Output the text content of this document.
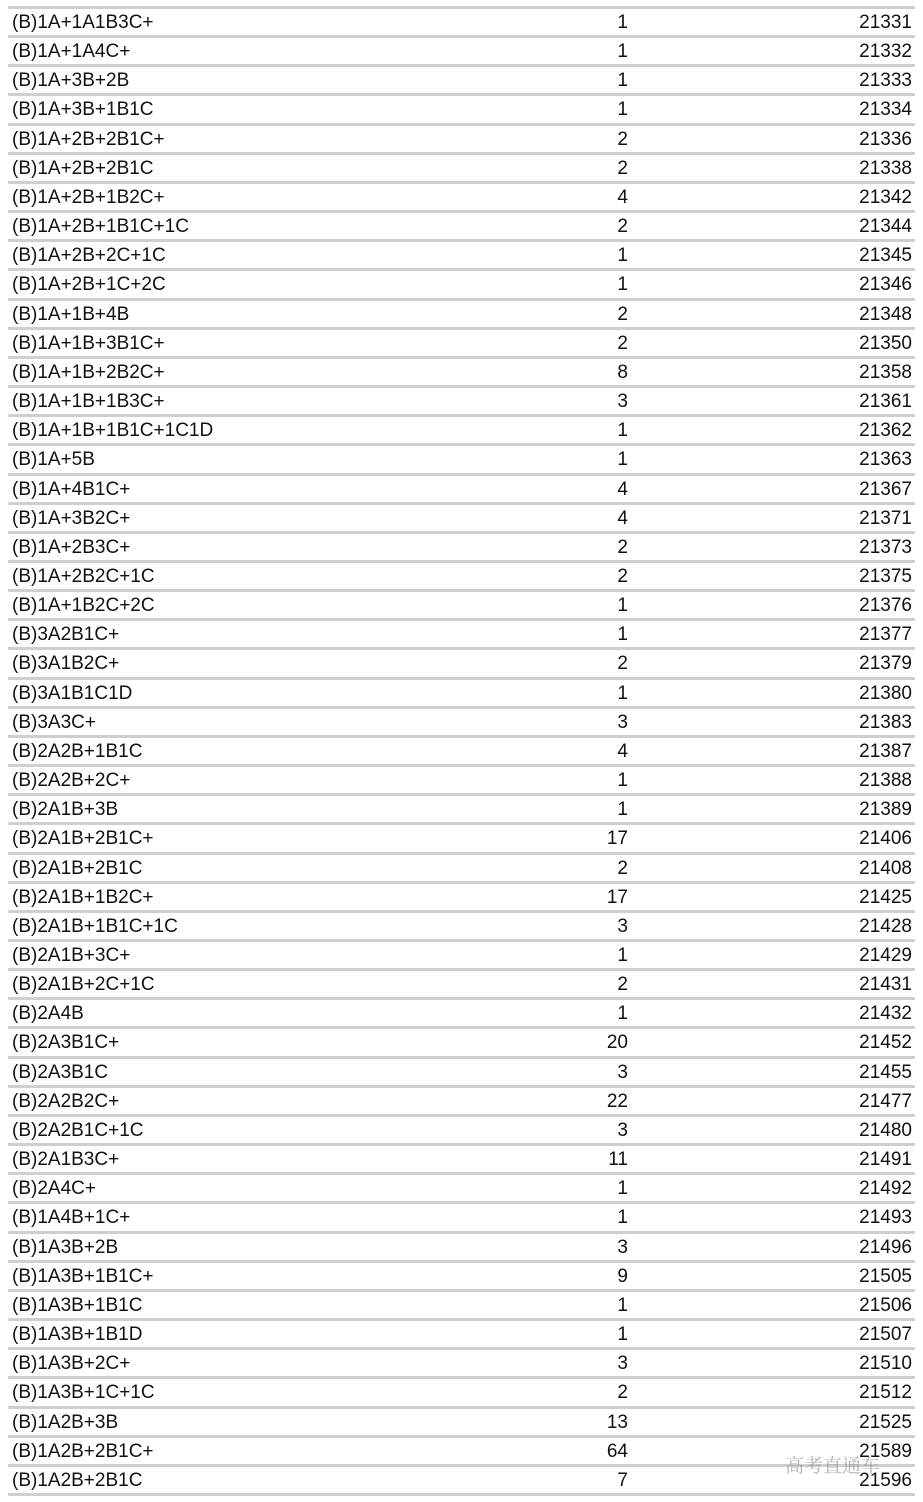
(B)1A+1A1B3C+	1	21331
(B)1A+1A4C+	1	21332
(B)1A+3B+2B	1	21333
(B)1A+3B+1B1C	1	21334
(B)1A+2B+2B1C+	2	21336
(B)1A+2B+2B1C	2	21338
(B)1A+2B+1B2C+	4	21342
(B)1A+2B+1B1C+1C	2	21344
(B)1A+2B+2C+1C	1	21345
(B)1A+2B+1C+2C	1	21346
(B)1A+1B+4B	2	21348
(B)1A+1B+3B1C+	2	21350
(B)1A+1B+2B2C+	8	21358
(B)1A+1B+1B3C+	3	21361
(B)1A+1B+1B1C+1C1D	1	21362
(B)1A+5B	1	21363
(B)1A+4B1C+	4	21367
(B)1A+3B2C+	4	21371
(B)1A+2B3C+	2	21373
(B)1A+2B2C+1C	2	21375
(B)1A+1B2C+2C	1	21376
(B)3A2B1C+	1	21377
(B)3A1B2C+	2	21379
(B)3A1B1C1D	1	21380
(B)3A3C+	3	21383
(B)2A2B+1B1C	4	21387
(B)2A2B+2C+	1	21388
(B)2A1B+3B	1	21389
(B)2A1B+2B1C+	17	21406
(B)2A1B+2B1C	2	21408
(B)2A1B+1B2C+	17	21425
(B)2A1B+1B1C+1C	3	21428
(B)2A1B+3C+	1	21429
(B)2A1B+2C+1C	2	21431
(B)2A4B	1	21432
(B)2A3B1C+	20	21452
(B)2A3B1C	3	21455
(B)2A2B2C+	22	21477
(B)2A2B1C+1C	3	21480
(B)2A1B3C+	11	21491
(B)2A4C+	1	21492
(B)1A4B+1C+	1	21493
(B)1A3B+2B	3	21496
(B)1A3B+1B1C+	9	21505
(B)1A3B+1B1C	1	21506
(B)1A3B+1B1D	1	21507
(B)1A3B+2C+	3	21510
(B)1A3B+1C+1C	2	21512
(B)1A2B+3B	13	21525
(B)1A2B+2B1C+	64	21589
(B)1A2B+2B1C	7	21596
高考直通车
